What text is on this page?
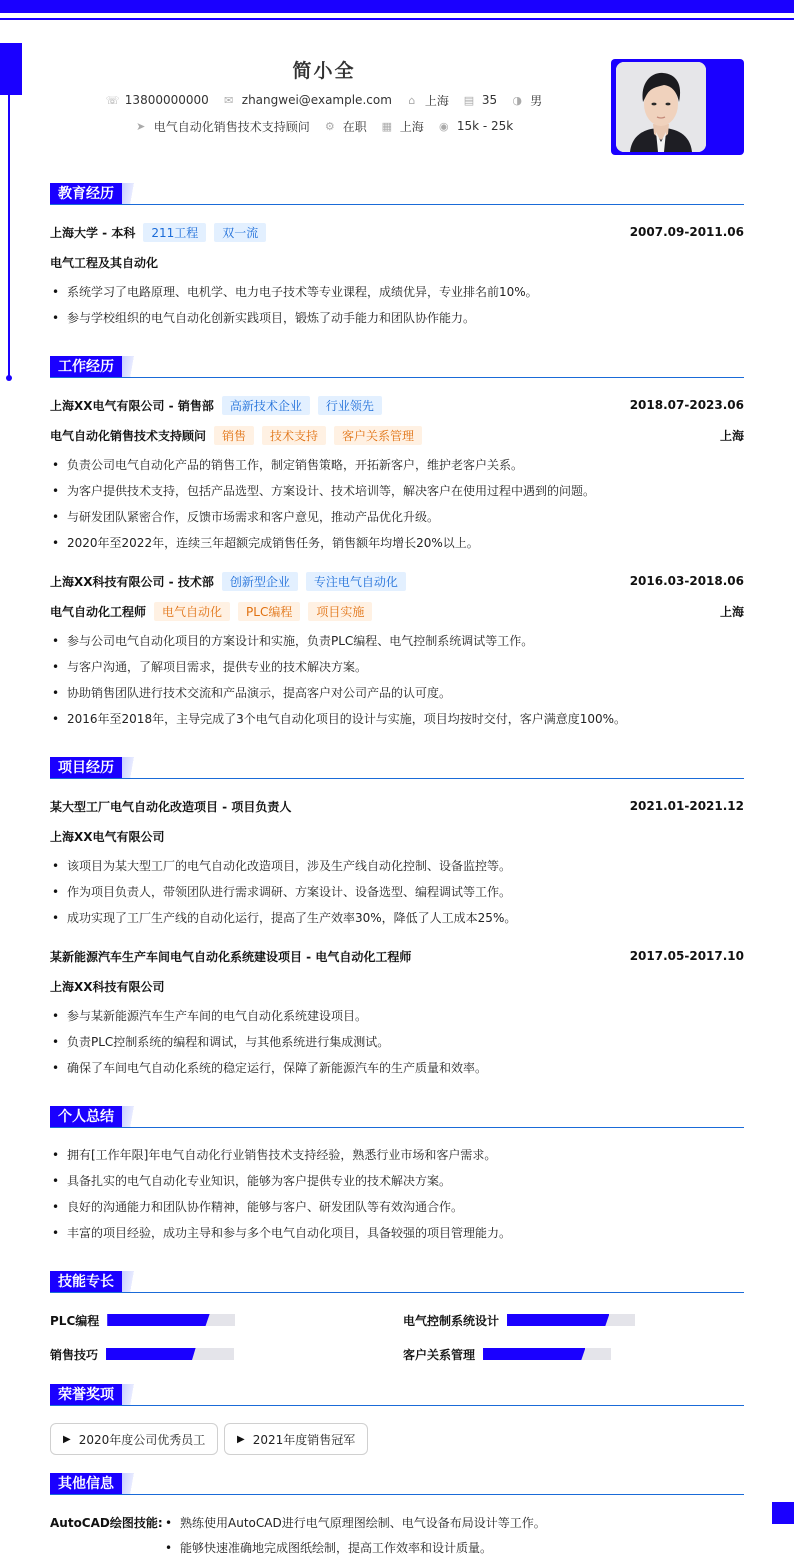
简小全
☏ 13800000000 ✉ zhangwei@example.com ⌂ 上海 ▤ 35 ◑ 男
➤ 电气自动化销售技术支持顾问 ⚙ 在职 ▦ 上海 ◉ 15k - 25k
教育经历
上海大学 - 本科	211工程	双一流	2007.09-2011.06
电气工程及其自动化
• 系统学习了电路原理、电机学、电力电子技术等专业课程，成绩优异，专业排名前10%。
• 参与学校组织的电气自动化创新实践项目，锻炼了动手能力和团队协作能力。
工作经历
上海XX电气有限公司 - 销售部	高新技术企业	行业领先	2018.07-2023.06
电气自动化销售技术支持顾问	销售	技术支持	客户关系管理	上海
• 负责公司电气自动化产品的销售工作，制定销售策略，开拓新客户，维护老客户关系。
• 为客户提供技术支持，包括产品选型、方案设计、技术培训等，解决客户在使用过程中遇到的问题。
• 与研发团队紧密合作，反馈市场需求和客户意见，推动产品优化升级。
• 2020年至2022年，连续三年超额完成销售任务，销售额年均增长20%以上。
上海XX科技有限公司 - 技术部	创新型企业	专注电气自动化	2016.03-2018.06
电气自动化工程师	电气自动化	PLC编程	项目实施	上海
• 参与公司电气自动化项目的方案设计和实施，负责PLC编程、电气控制系统调试等工作。
• 与客户沟通，了解项目需求，提供专业的技术解决方案。
• 协助销售团队进行技术交流和产品演示，提高客户对公司产品的认可度。
• 2016年至2018年，主导完成了3个电气自动化项目的设计与实施，项目均按时交付，客户满意度100%。
项目经历
某大型工厂电气自动化改造项目 - 项目负责人	2021.01-2021.12
上海XX电气有限公司
• 该项目为某大型工厂的电气自动化改造项目，涉及生产线自动化控制、设备监控等。
• 作为项目负责人，带领团队进行需求调研、方案设计、设备选型、编程调试等工作。
• 成功实现了工厂生产线的自动化运行，提高了生产效率30%，降低了人工成本25%。
某新能源汽车生产车间电气自动化系统建设项目 - 电气自动化工程师	2017.05-2017.10
上海XX科技有限公司
• 参与某新能源汽车生产车间的电气自动化系统建设项目。
• 负责PLC控制系统的编程和调试，与其他系统进行集成测试。
• 确保了车间电气自动化系统的稳定运行，保障了新能源汽车的生产质量和效率。
个人总结
• 拥有[工作年限]年电气自动化行业销售技术支持经验，熟悉行业市场和客户需求。
• 具备扎实的电气自动化专业知识，能够为客户提供专业的技术解决方案。
• 良好的沟通能力和团队协作精神，能够与客户、研发团队等有效沟通合作。
• 丰富的项目经验，成功主导和参与多个电气自动化项目，具备较强的项目管理能力。
技能专长
PLC编程	电气控制系统设计
销售技巧	客户关系管理
荣誉奖项
▶ 2020年度公司优秀员工	▶ 2021年度销售冠军
其他信息
AutoCAD绘图技能:
•	熟练使用AutoCAD进行电气原理图绘制、电气设备布局设计等工作。
• 能够快速准确地完成图纸绘制，提高工作效率和设计质量。
